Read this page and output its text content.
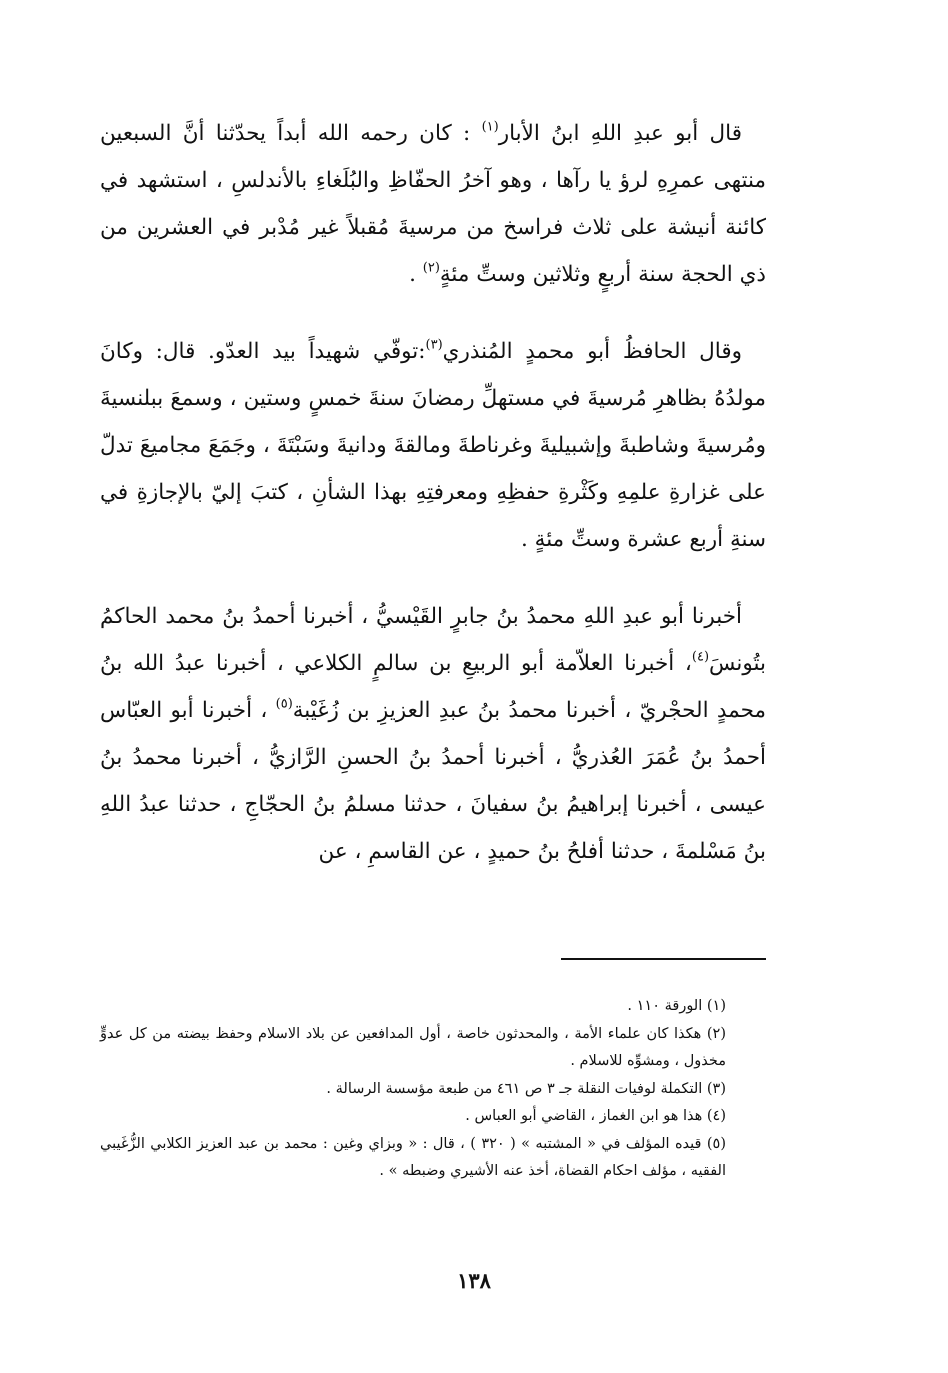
قال أبو عبدِ اللهِ ابنُ الأبار$^{(١)}$ : كان رحمه الله أبداً يحدّثنا أنَّ السبعين منتهى عمرِهِ لرؤ يا رآها ، وهو آخرُ الحفّاظِ والبُلَغاءِ بالأندلسِ ، استشهد في كائنة أنيشة على ثلاث فراسخ من مرسيةَ مُقبلاً غير مُدْبر في العشرين من ذي الحجة سنة أربعٍ وثلاثين وستِّ مئةٍ$^{(٢)}$ .

وقال الحافظُ أبو محمدٍ المُنذري$^{(٣)}$:توفّي شهيداً بيد العدّو. قال: وكانَ مولدُهُ بظاهرِ مُرسيةَ في مستهلِّ رمضانَ سنةَ خمسٍ وستين ، وسمعَ ببلنسيةَ ومُرسيةَ وشاطبةَ وإشبيليةَ وغرناطةَ ومالقةَ ودانيةَ وسَبْتَةَ ، وجَمَعَ مجاميعَ تدلّ على غزارةِ علمِهِ وكَثْرةِ حفظِهِ ومعرفتِهِ بهذا الشأنِ ، كتبَ إليّ بالإجازةِ في سنةِ أربع عشرة وستِّ مئةٍ .

أخبرنا أبو عبدِ اللهِ محمدُ بنُ جابرٍ القَيْسيُّ ، أخبرنا أحمدُ بنُ محمد الحاكمُ بتُونسَ$^{(٤)}$، أخبرنا العلاّمة أبو الربيعِ بن سالمٍ الكلاعي ، أخبرنا عبدُ الله بنُ محمدٍ الحجْريّ ، أخبرنا محمدُ بنُ عبدِ العزيزِ بن زُغَيْبة$^{(٥)}$ ، أخبرنا أبو العبّاس أحمدُ بنُ عُمَرَ العُذريُّ ، أخبرنا أحمدُ بنُ الحسنِ الرَّازيُّ ، أخبرنا محمدُ بنُ عيسى ، أخبرنا إبراهيمُ بنُ سفيانَ ، حدثنا مسلمُ بنُ الحجّاجِ ، حدثنا عبدُ اللهِ بنُ مَسْلمةَ ، حدثنا أفلحُ بنُ حميدٍ ، عن القاسمِ ، عن

(١) الورقة ١١٠ .

(٢) هكذا كان علماء الأمة ، والمحدثون خاصة ، أول المدافعين عن بلاد الاسلام وحفظ بيضته من كل عدوٍّ مخذول ، ومشوِّه للاسلام .

(٣) التكملة لوفيات النقلة جـ ٣ ص ٤٦١ من طبعة مؤسسة الرسالة .

(٤) هذا هو ابن الغماز ، القاضي أبو العباس .

(٥) قيده المؤلف في « المشتبه » ( ٣٢٠ ) ، قال : « وبزاي وغين : محمد بن عبد العزيز الكلابي الزُّغَيبي الفقيه ، مؤلف احكام القضاة، أخذ عنه الأشيري وضبطه » .

١٣٨
